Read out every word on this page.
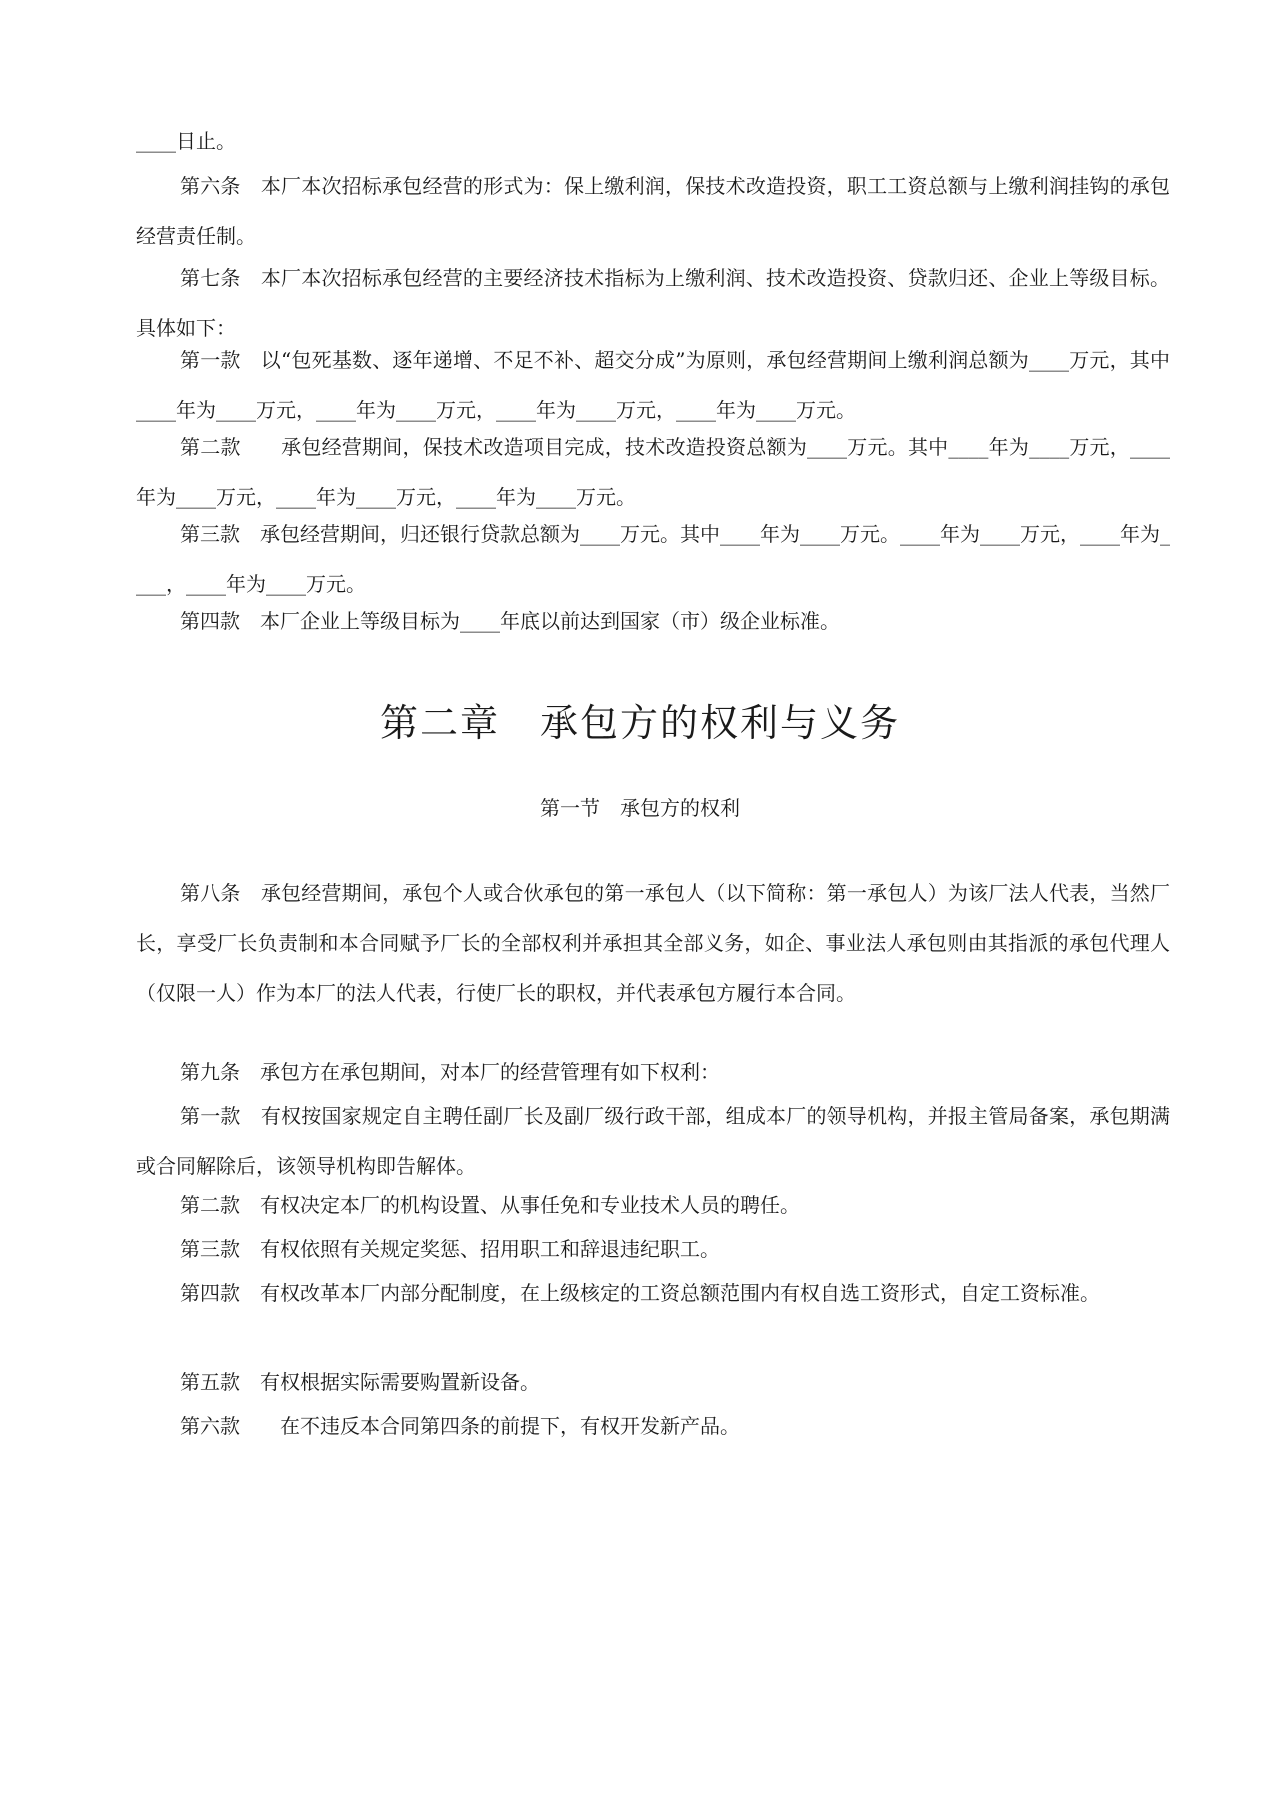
____日止。

第六条　本厂本次招标承包经营的形式为：保上缴利润，保技术改造投资，职工工资总额与上缴利润挂钩的承包经营责任制。

第七条　本厂本次招标承包经营的主要经济技术指标为上缴利润、技术改造投资、贷款归还、企业上等级目标。具体如下：

第一款　以“包死基数、逐年递增、不足不补、超交分成”为原则，承包经营期间上缴利润总额为____万元，其中____年为____万元，____年为____万元，____年为____万元，____年为____万元。

第二款　　承包经营期间，保技术改造项目完成，技术改造投资总额为____万元。其中____年为____万元，____年为____万元，____年为____万元，____年为____万元。

第三款　承包经营期间，归还银行贷款总额为____万元。其中____年为____万元。____年为____万元，____年为____，____年为____万元。

第四款　本厂企业上等级目标为____年底以前达到国家（市）级企业标准。

第二章　承包方的权利与义务
第一节　承包方的权利

第八条　承包经营期间，承包个人或合伙承包的第一承包人（以下简称：第一承包人）为该厂法人代表，当然厂长，享受厂长负责制和本合同赋予厂长的全部权利并承担其全部义务，如企、事业法人承包则由其指派的承包代理人（仅限一人）作为本厂的法人代表，行使厂长的职权，并代表承包方履行本合同。

第九条　承包方在承包期间，对本厂的经营管理有如下权利：

第一款　有权按国家规定自主聘任副厂长及副厂级行政干部，组成本厂的领导机构，并报主管局备案，承包期满或合同解除后，该领导机构即告解体。

第二款　有权决定本厂的机构设置、从事任免和专业技术人员的聘任。

第三款　有权依照有关规定奖惩、招用职工和辞退违纪职工。

第四款　有权改革本厂内部分配制度，在上级核定的工资总额范围内有权自选工资形式，自定工资标准。

第五款　有权根据实际需要购置新设备。

第六款　　在不违反本合同第四条的前提下，有权开发新产品。
